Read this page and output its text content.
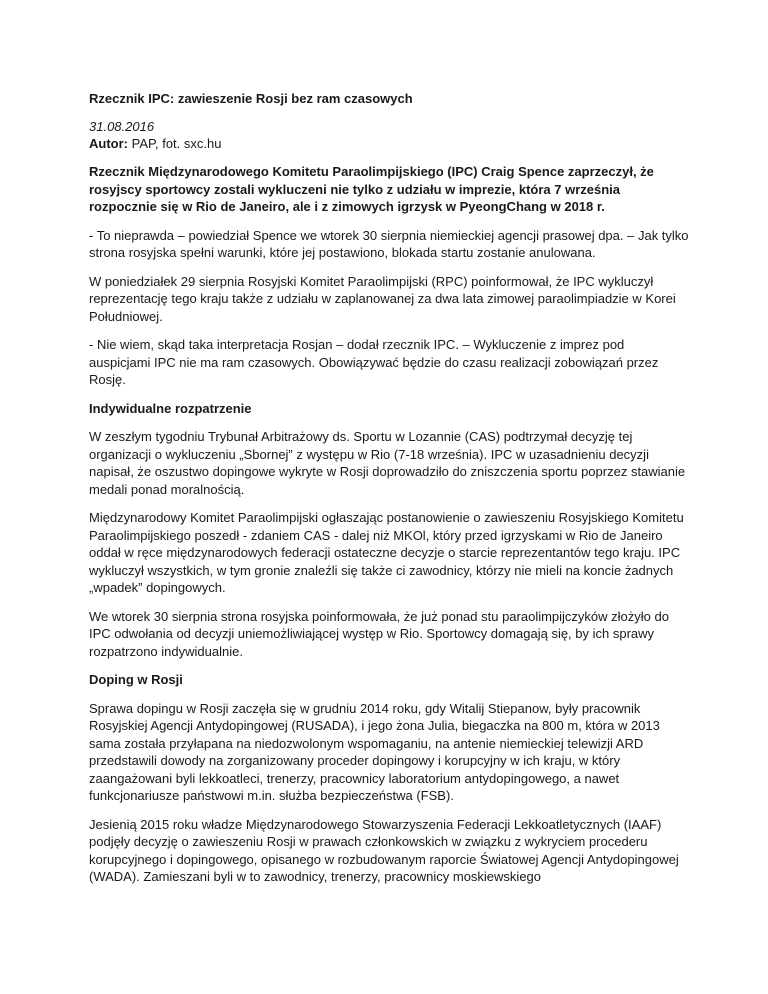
Rzecznik IPC: zawieszenie Rosji bez ram czasowych

31.08.2016

Autor: PAP, fot. sxc.hu

Rzecznik Międzynarodowego Komitetu Paraolimpijskiego (IPC) Craig Spence zaprzeczył, że rosyjscy sportowcy zostali wykluczeni nie tylko z udziału w imprezie, która 7 września rozpocznie się w Rio de Janeiro, ale i z zimowych igrzysk w PyeongChang w 2018 r.

- To nieprawda – powiedział Spence we wtorek 30 sierpnia niemieckiej agencji prasowej dpa. – Jak tylko strona rosyjska spełni warunki, które jej postawiono, blokada startu zostanie anulowana.

W poniedziałek 29 sierpnia Rosyjski Komitet Paraolimpijski (RPC) poinformował, że IPC wykluczył reprezentację tego kraju także z udziału w zaplanowanej za dwa lata zimowej paraolimpiadzie w Korei Południowej.

- Nie wiem, skąd taka interpretacja Rosjan – dodał rzecznik IPC. – Wykluczenie z imprez pod auspicjami IPC nie ma ram czasowych. Obowiązywać będzie do czasu realizacji zobowiązań przez Rosję.

Indywidualne rozpatrzenie

W zeszłym tygodniu Trybunał Arbitrażowy ds. Sportu w Lozannie (CAS) podtrzymał decyzję tej organizacji o wykluczeniu „Sbornej” z występu w Rio (7-18 września). IPC w uzasadnieniu decyzji napisał, że oszustwo dopingowe wykryte w Rosji doprowadziło do zniszczenia sportu poprzez stawianie medali ponad moralnością.

Międzynarodowy Komitet Paraolimpijski ogłaszając postanowienie o zawieszeniu Rosyjskiego Komitetu Paraolimpijskiego poszedł - zdaniem CAS - dalej niż MKOl, który przed igrzyskami w Rio de Janeiro oddał w ręce międzynarodowych federacji ostateczne decyzje o starcie reprezentantów tego kraju. IPC wykluczył wszystkich, w tym gronie znaleźli się także ci zawodnicy, którzy nie mieli na koncie żadnych „wpadek” dopingowych.

We wtorek 30 sierpnia strona rosyjska poinformowała, że już ponad stu paraolimpijczyków złożyło do IPC odwołania od decyzji uniemożliwiającej występ w Rio. Sportowcy domagają się, by ich sprawy rozpatrzono indywidualnie.

Doping w Rosji

Sprawa dopingu w Rosji zaczęła się w grudniu 2014 roku, gdy Witalij Stiepanow, były pracownik Rosyjskiej Agencji Antydopingowej (RUSADA), i jego żona Julia, biegaczka na 800 m, która w 2013 sama została przyłapana na niedozwolonym wspomaganiu, na antenie niemieckiej telewizji ARD przedstawili dowody na zorganizowany proceder dopingowy i korupcyjny w ich kraju, w który zaangażowani byli lekkoatleci, trenerzy, pracownicy laboratorium antydopingowego, a nawet funkcjonariusze państwowi m.in. służba bezpieczeństwa (FSB).

Jesienią 2015 roku władze Międzynarodowego Stowarzyszenia Federacji Lekkoatletycznych (IAAF) podjęły decyzję o zawieszeniu Rosji w prawach członkowskich w związku z wykryciem procederu korupcyjnego i dopingowego, opisanego w rozbudowanym raporcie Światowej Agencji Antydopingowej (WADA). Zamieszani byli w to zawodnicy, trenerzy, pracownicy moskiewskiego
